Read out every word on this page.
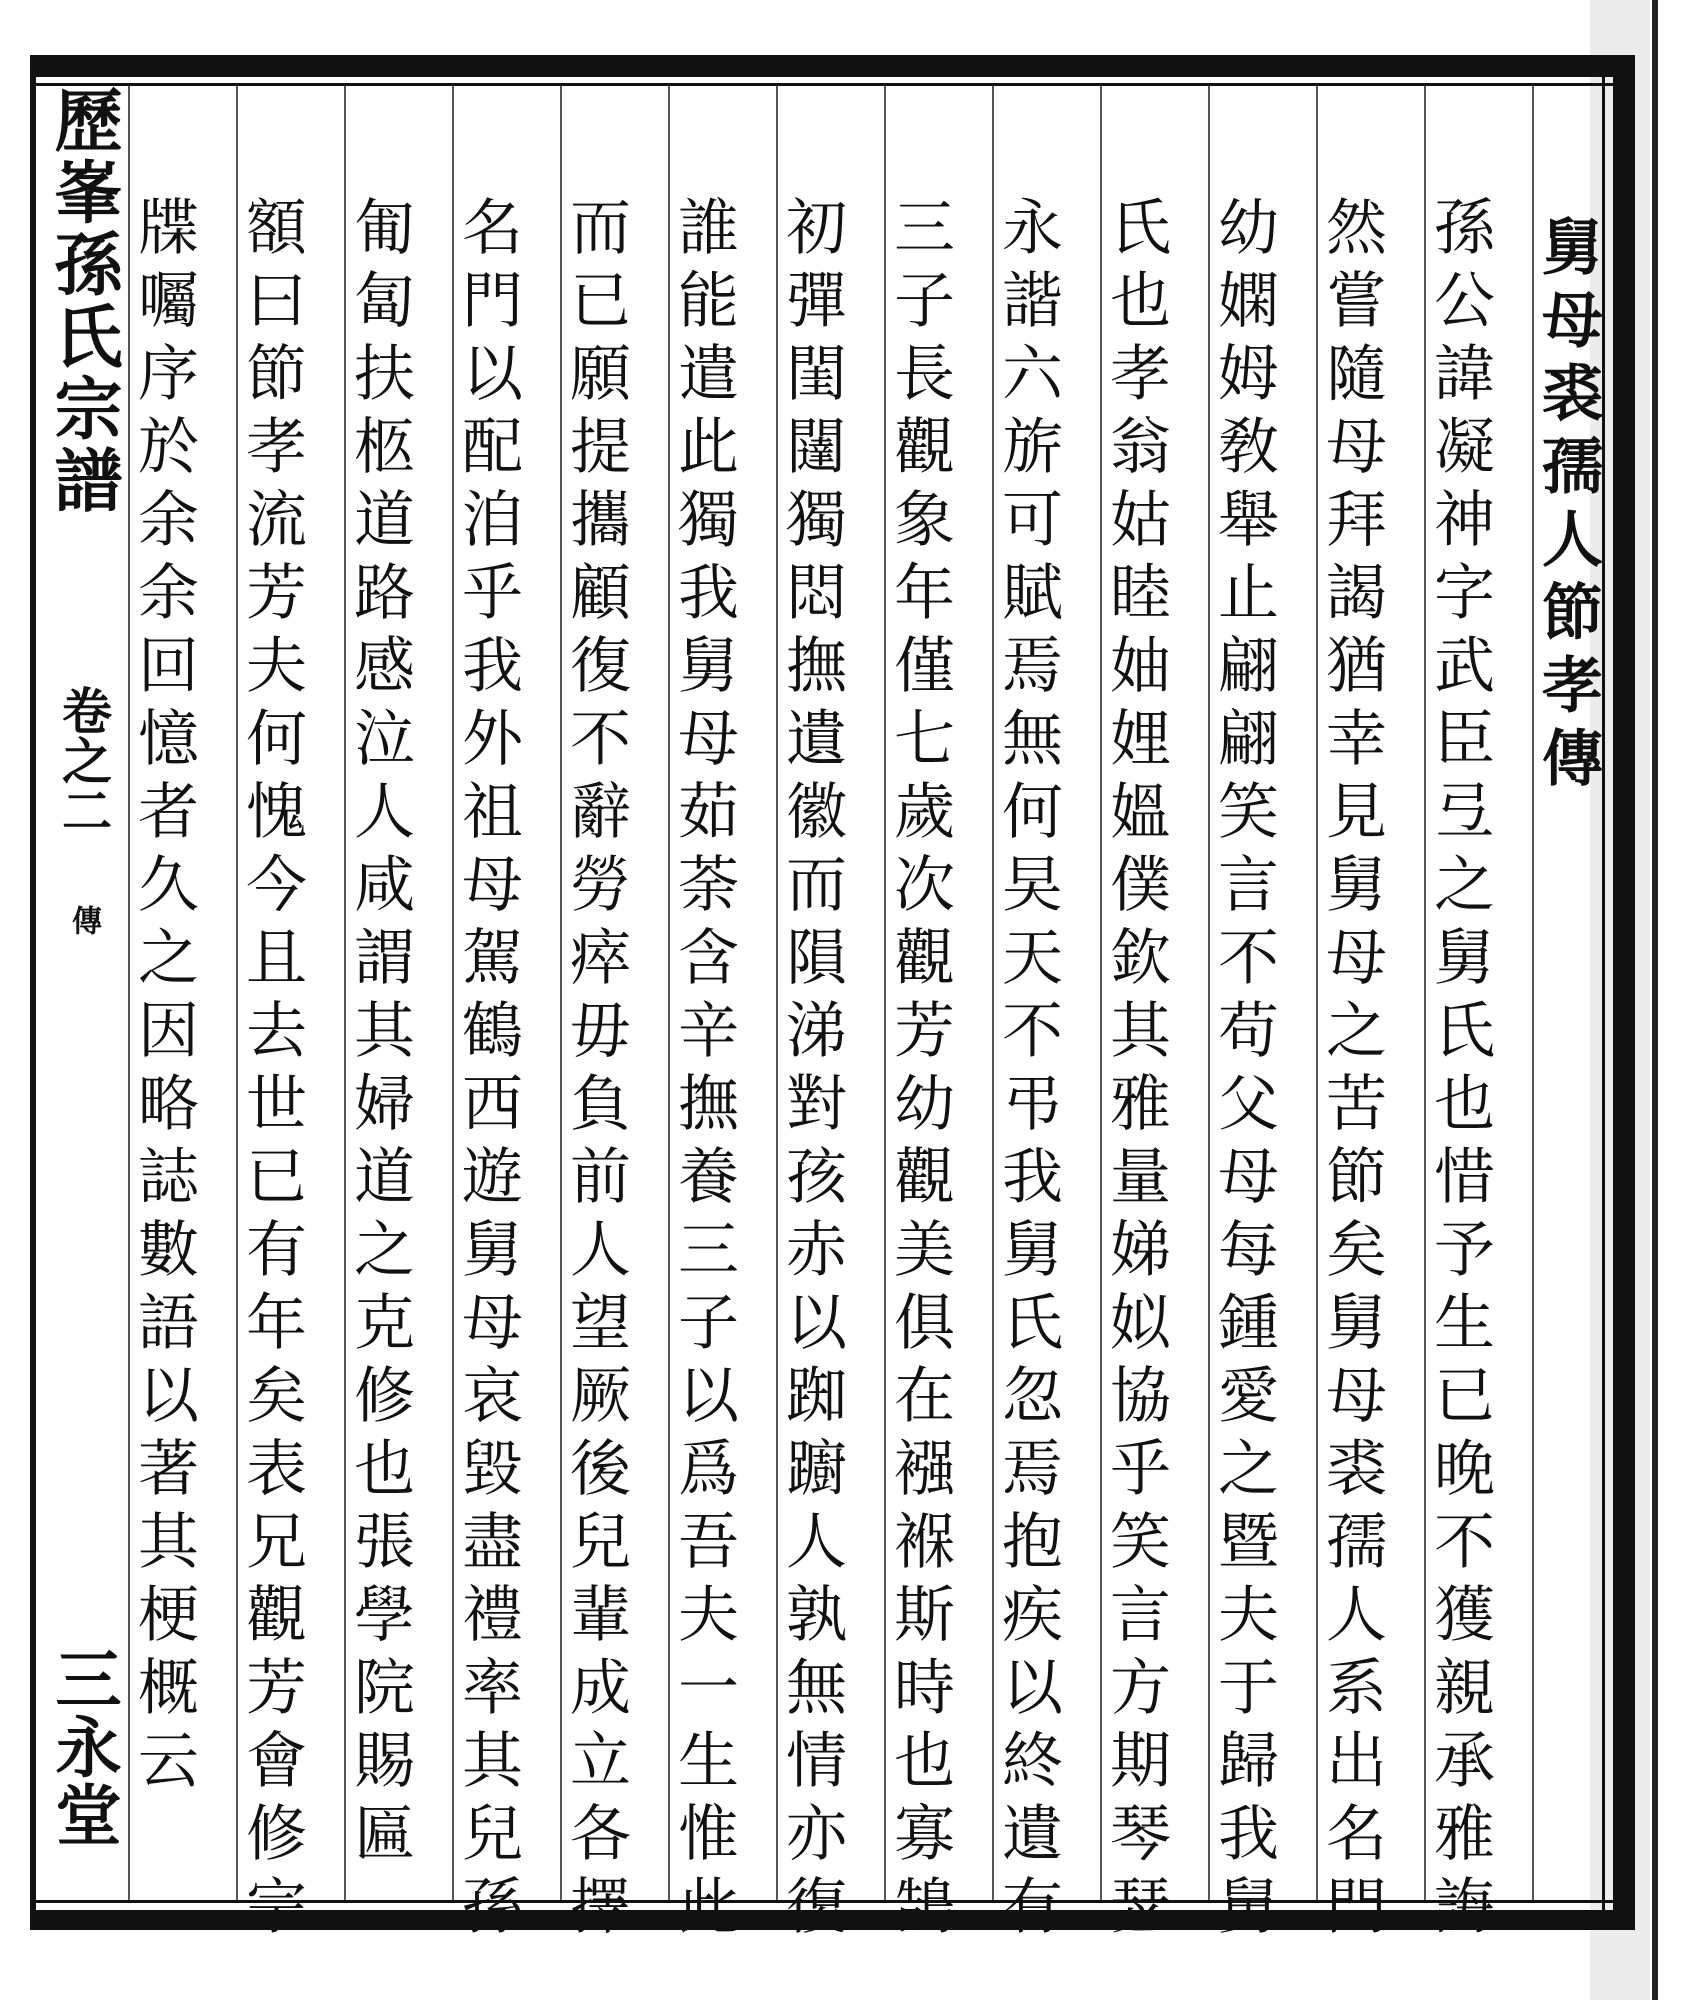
歷峯孫氏宗譜
卷之二
傳
三永堂
舅母裘孺人節孝傳
孫公諱凝神字武臣弖之舅氏也惜予生已晚不獲親承雅誨
然嘗隨母拜謁猶幸見舅母之苦節矣舅母裘孺人系出名門
幼嫻姆敎舉止翩翩笑言不苟父母每鍾愛之暨夫于歸我舅
氏也孝翁姑睦妯娌媼僕欽其雅量娣姒協乎笑言方期琴瑟
永諧六旂可賦焉無何旲天不弔我舅氏忽焉抱疾以終遺有
三子長觀象年僅七歲次觀芳幼觀美俱在襁褓斯時也寡鵠
初彈閨闥獨悶撫遺徽而隕涕對孩赤以踟躕人孰無情亦復
誰能遣此獨我舅母茹荼含辛撫養三子以爲吾夫一生惟此
而已願提攜顧復不辭勞瘁毋負前人望厥後兒輩成立各擇
名門以配洎乎我外祖母駕鶴西遊舅母哀毀盡禮率其兒孫
匍匐扶柩道路感泣人咸謂其婦道之克修也張學院賜匾
額曰節孝流芳夫何愧今且去世已有年矣表兄觀芳會修宗
牒囑序於余余回憶者久之因略誌數語以著其梗概云
